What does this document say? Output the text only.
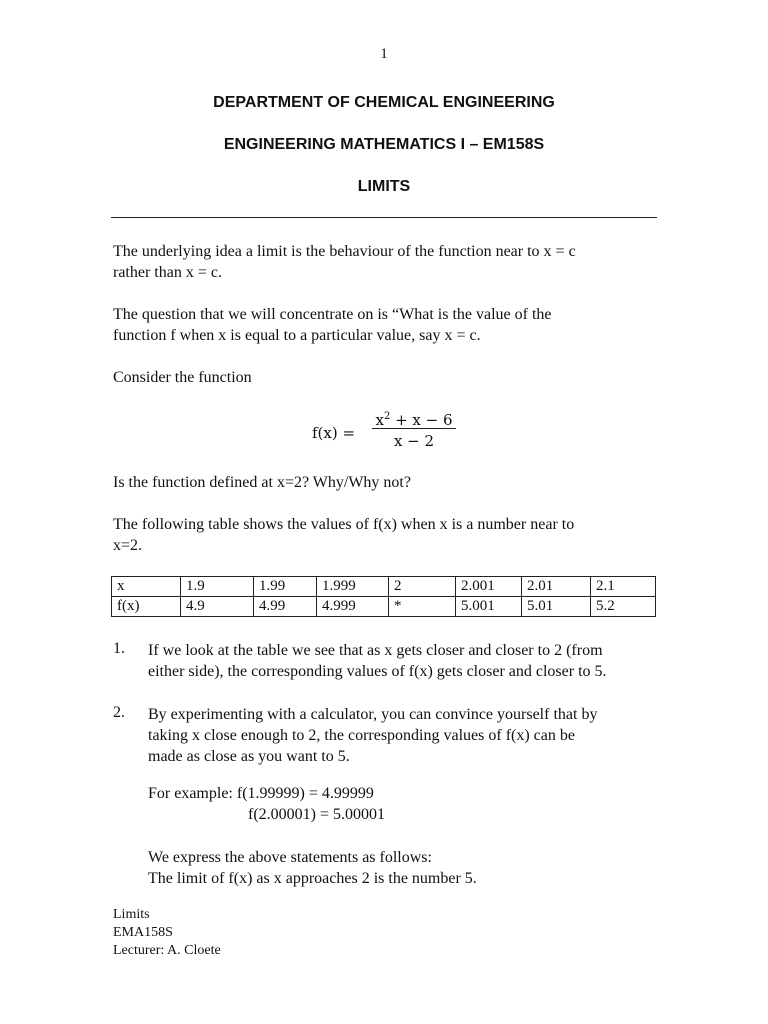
1
DEPARTMENT OF CHEMICAL ENGINEERING
ENGINEERING MATHEMATICS I – EM158S
LIMITS
The underlying idea a limit is the behaviour of the function near to x = c
rather than x = c.
The question that we will concentrate on is “What is the value of the
function f when x is equal to a particular value, say x = c.
Consider the function
f(x) =
$x^2 + x - 6$
x − 2
Is the function defined at x=2? Why/Why not?
The following table shows the values of f(x) when x is a number near to
x=2.
x	1.9	1.99	1.999	2	2.001	2.01	2.1
f(x)	4.9	4.99	4.999	*	5.001	5.01	5.2
1. If we look at the table we see that as x gets closer and closer to 2 (from
either side), the corresponding values of f(x) gets closer and closer to 5.
2. By experimenting with a calculator, you can convince yourself that by
taking x close enough to 2, the corresponding values of f(x) can be
made as close as you want to 5.
For example: f(1.99999) = 4.99999
f(2.00001) = 5.00001
We express the above statements as follows:
The limit of f(x) as x approaches 2 is the number 5.
Limits
EMA158S
Lecturer: A. Cloete
